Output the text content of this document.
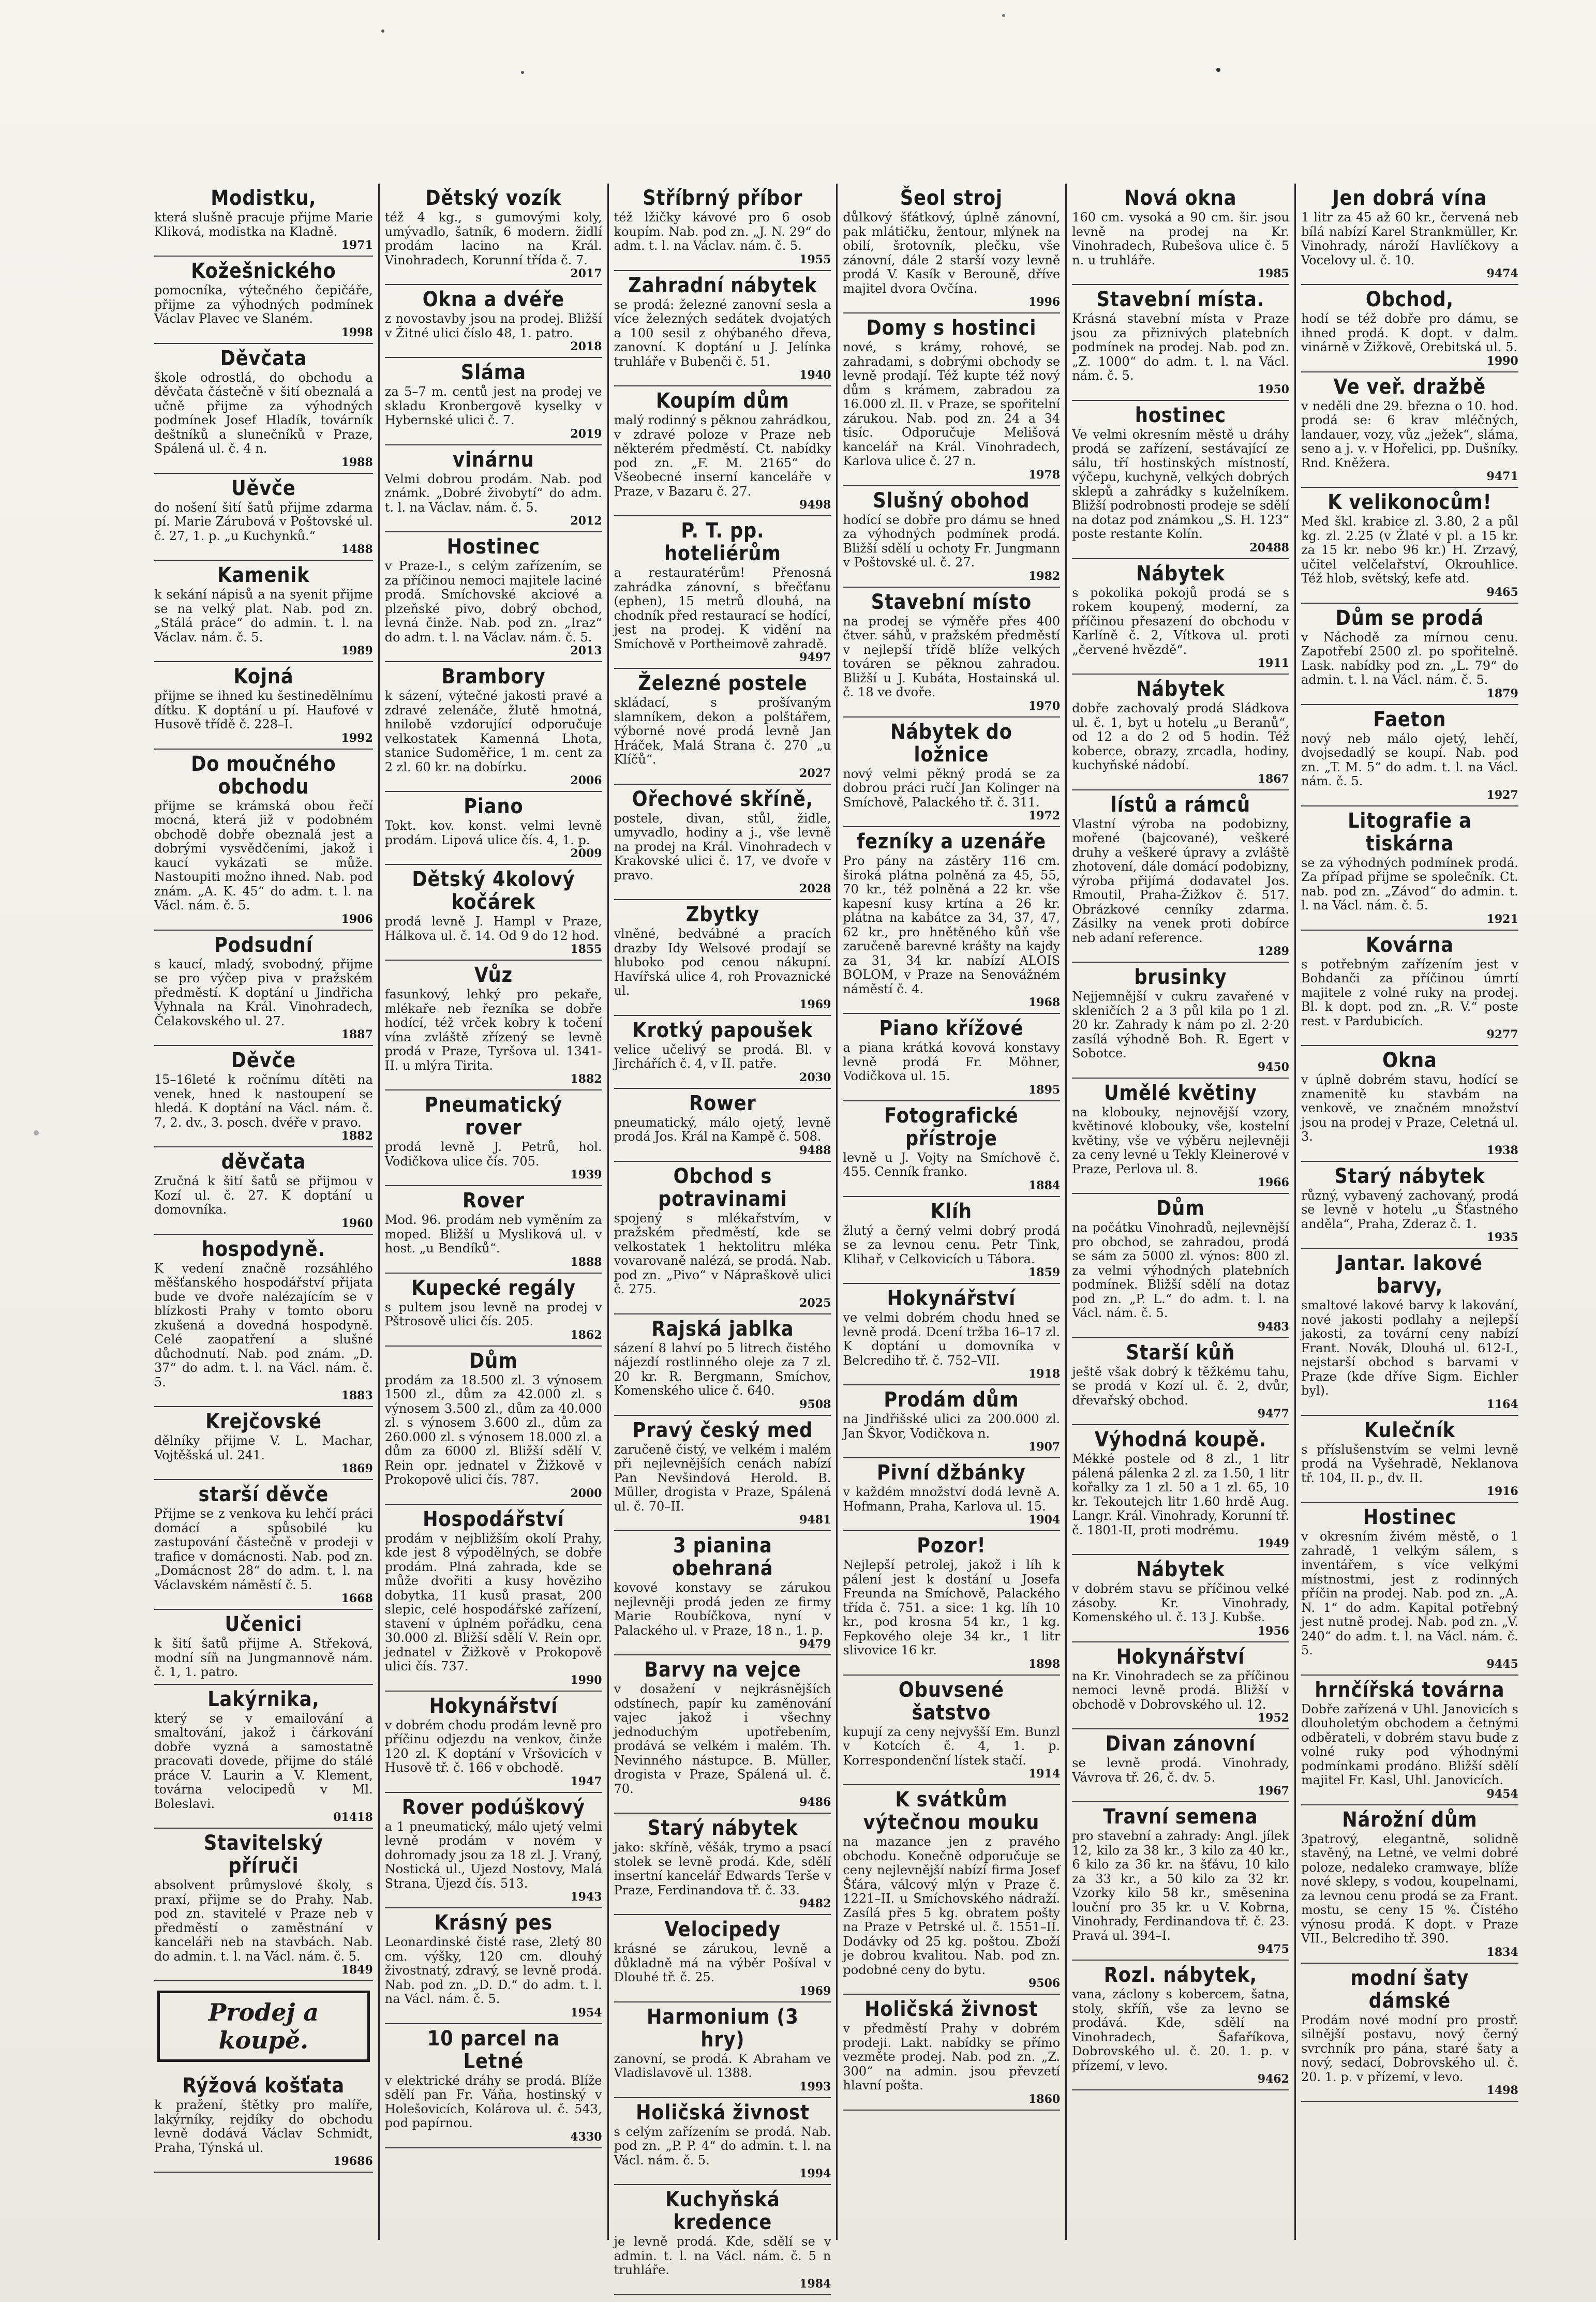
Modistku,

která slušně pracuje přijme Marie Kliková, modistka na Kladně.

1971
Kožešnického

pomocníka, výtečného čepičáře, přijme za výhodných podmínek Václav Plavec ve Slaném.

1998
Děvčata

škole odrostlá, do obchodu a děvčata částečně v šití obeznalá a učně přijme za výhodných podmínek Josef Hladík, továrník deštníků a slunečníků v Praze, Spálená ul. č. 4 n.

1988
Uěvče

do nošení šití šatů přijme zdarma pí. Marie Zárubová v Poštovské ul. č. 27, 1. p. „u Kuchynků.“

1488
Kamenik

k sekání nápisů a na syenit přijme se na velký plat. Nab. pod zn. „Stálá práce“ do admin. t. l. na Václav. nám. č. 5.

1989
Kojná

přijme se ihned ku šestinedělnímu dítku. K doptání u pí. Haufové v Husově třídě č. 228–I.

1992
Do moučného obchodu

přijme se krámská obou řečí mocná, která již v podobném obchodě dobře obeznalá jest a dobrými vysvědčeními, jakož i kaucí vykázati se může. Nastoupiti možno ihned. Nab. pod znám. „A. K. 45“ do adm. t. l. na Václ. nám. č. 5.

1906
Podsudní

s kaucí, mladý, svobodný, přijme se pro výčep piva v pražském předměstí. K doptání u Jindřicha Vyhnala na Král. Vinohradech, Čelakovského ul. 27.

1887
Děvče

15–16leté k ročnímu dítěti na venek, hned k nastoupení se hledá. K doptání na Václ. nám. č. 7, 2. dv., 3. posch. dvéře v pravo.

1882
děvčata

Zručná k šití šatů se přijmou v Kozí ul. č. 27. K doptání u domovníka.

1960
hospodyně.

K vedení značně rozsáhlého měšťanského hospodářství přijata bude ve dvoře nalézajícím se v blízkosti Prahy v tomto oboru zkušená a dovedná hospodyně. Celé zaopatření a slušné důchodnutí. Nab. pod znám. „D. 37“ do adm. t. l. na Václ. nám. č. 5.

1883
Krejčovské

dělníky přijme V. L. Machar, Vojtěšská ul. 241.

1869
starší děvče

Přijme se z venkova ku lehčí práci domácí a spůsobilé ku zastupování částečně v prodeji v trafice v domácnosti. Nab. pod zn. „Domácnost 28“ do adm. t. l. na Václavském náměstí č. 5.

1668
Učenici

k šití šatů přijme A. Střeková, modní síň na Jungmannově nám. č. 1, 1. patro.

Lakýrnika,

který se v emailování a smaltování, jakož i čárkování dobře vyzná a samostatně pracovati dovede, přijme do stálé práce V. Laurin a V. Klement, továrna velocipedů v Ml. Boleslavi.

01418
Stavitelský příruči

absolvent průmyslové školy, s praxí, přijme se do Prahy. Nab. pod zn. stavitelé v Praze neb v předměstí o zaměstnání v kanceláři neb na stavbách. Nab. do admin. t. l. na Václ. nám. č. 5.

1849
Prodej a koupě.
Rýžová košťata

k pražení, štětky pro malíře, lakýrníky, rejdíky do obchodu levně dodává Václav Schmidt, Praha, Týnská ul.

19686
Dětský vozík

též 4 kg., s gumovými koly, umývadlo, šatník, 6 modern. židlí prodám lacino na Král. Vinohradech, Korunní třída č. 7.

2017
Okna a dvéře

z novostavby jsou na prodej. Bližší v Žitné ulici číslo 48, 1. patro.

2018
Sláma

za 5–7 m. centů jest na prodej ve skladu Kronbergově kyselky v Hybernské ulici č. 7.

2019
vinárnu

Velmi dobrou prodám. Nab. pod známk. „Dobré živobytí“ do adm. t. l. na Václav. nám. č. 5.

2012
Hostinec

v Praze-I., s celým zařízením, se za příčinou nemoci majitele laciné prodá. Smíchovské akciové a plzeňské pivo, dobrý obchod, levná činže. Nab. pod zn. „Iraz“ do adm. t. l. na Václav. nám. č. 5.

2013
Brambory

k sázení, výtečné jakosti pravé a zdravé zelenáče, žlutě hmotná, hnilobě vzdorující odporučuje velkostatek Kamenná Lhota, stanice Sudoměřice, 1 m. cent za 2 zl. 60 kr. na dobírku.

2006
Piano

Tokt. kov. konst. velmi levně prodám. Lipová ulice čís. 4, 1. p.

2009
Dětský 4kolový kočárek

prodá levně J. Hampl v Praze, Hálkova ul. č. 14. Od 9 do 12 hod.

1855
Vůz

fasunkový, lehký pro pekaře, mlékaře neb řezníka se dobře hodící, též vrček kobry k točení vína zvláště zřízený se levně prodá v Praze, Tyršova ul. 1341-II. u mlýra Tirita.

1882
Pneumatický rover

prodá levně J. Petrů, hol. Vodičkova ulice čís. 705.

1939
Rover

Mod. 96. prodám neb vyměním za moped. Bližší u Mysliková ul. v host. „u Bendíků“.

1888
Kupecké regály

s pultem jsou levně na prodej v Pštrosově ulici čís. 205.

1862
Dům

prodám za 18.500 zl. 3 výnosem 1500 zl., dům za 42.000 zl. s výnosem 3.500 zl., dům za 40.000 zl. s výnosem 3.600 zl., dům za 260.000 zl. s výnosem 18.000 zl. a dům za 6000 zl. Bližší sdělí V. Rein opr. jednatel v Žižkově v Prokopově ulici čís. 787.

2000
Hospodářství

prodám v nejbližším okolí Prahy, kde jest 8 výpodělných, se dobře prodám. Plná zahrada, kde se může dvořiti a kusy hověziho dobytka, 11 kusů prasat, 200 slepic, celé hospodářské zařízení, stavení v úplném pořádku, cena 30.000 zl. Bližší sdělí V. Rein opr. jednatel v Žižkově v Prokopově ulici čís. 737.

1990
Hokynářství

v dobrém chodu prodám levně pro příčinu odjezdu na venkov, činže 120 zl. K doptání v Vršovicích v Husově tř. č. 166 v obchodě.

1947
Rover podúškový

a 1 pneumatický, málo ujetý velmi levně prodám v novém v dohromady jsou za 18 zl. J. Vraný, Nostická ul., Ujezd Nostovy, Malá Strana, Újezd čís. 513.

1943
Krásný pes

Leonardinské čisté rase, 2letý 80 cm. výšky, 120 cm. dlouhý živostnatý, zdravý, se levně prodá. Nab. pod zn. „D. D.“ do adm. t. l. na Václ. nám. č. 5.

1954
10 parcel na Letné

v elektrické dráhy se prodá. Blíže sdělí pan Fr. Váňa, hostinský v Holešovicích, Kolárova ul. č. 543, pod papírnou.

4330
Stříbrný příbor

též lžičky kávové pro 6 osob koupím. Nab. pod zn. „J. N. 29“ do adm. t. l. na Václav. nám. č. 5.

1955
Zahradní nábytek

se prodá: železné zanovní sesla a více železných sedátek dvojatých a 100 sesil z ohýbaného dřeva, zanovní. K doptání u J. Jelínka truhláře v Bubenči č. 51.

1940
Koupím dům

malý rodinný s pěknou zahrádkou, v zdravé poloze v Praze neb některém předměstí. Ct. nabídky pod zn. „F. M. 2165“ do Všeobecné inserní kanceláře v Praze, v Bazaru č. 27.

9498
P. T. pp. hoteliérům

a restauratérům! Přenosná zahrádka zánovní, s břečťanu (ephen), 15 metrů dlouhá, na chodník před restaurací se hodící, jest na prodej. K vidění na Smíchově v Portheimově zahradě.

9497
Železné postele

skládací, s prošívaným slamníkem, dekon a polštářem, výborné nové prodá levně Jan Hráček, Malá Strana č. 270 „u Klíčů“.

2027
Ořechové skříně,

postele, divan, stůl, židle, umyvadlo, hodiny a j., vše levně na prodej na Král. Vinohradech v Krakovské ulici č. 17, ve dvoře v pravo.

2028
Zbytky

vlněné, bedvábné a pracích drazby Idy Welsové prodají se hluboko pod cenou nákupní. Havířská ulice 4, roh Provaznické ul.

1969
Krotký papoušek

velice učelivý se prodá. Bl. v Jirchářích č. 4, v II. patře.

2030
Rower

pneumatický, málo ojetý, levně prodá Jos. Král na Kampě č. 508.

9488
Obchod s potravinami

spojený s mlékařstvím, v pražském předměstí, kde se velkostatek 1 hektolitru mléka vovarovaně nalézá, se prodá. Nab. pod zn. „Pivo“ v Nápraškově ulici č. 275.

2025
Rajská jablka

sázení 8 lahví po 5 litrech čistého nájezdí rostlinného oleje za 7 zl. 20 kr. R. Bergmann, Smíchov, Komenského ulice č. 640.

9508
Pravý český med

zaručeně čistý, ve velkém i malém při nejlevnějších cenách nabízí Pan Nevšindová Herold. B. Müller, drogista v Praze, Spálená ul. č. 70–II.

9481
3 pianina obehraná

kovové konstavy se zárukou nejlevněji prodá jeden ze firmy Marie Roubíčkova, nyní v Palackého ul. v Praze, 18 n., 1. p.

9479
Barvy na vejce

v dosažení v nejkrásnějších odstínech, papír ku zaměnování vajec jakož i všechny jednoduchým upotřebením, prodává se velkém i malém. Th. Nevinného nástupce. B. Müller, drogista v Praze, Spálená ul. č. 70.

9486
Starý nábytek

jako: skříně, věšák, trymo a psací stolek se levně prodá. Kde, sdělí insertní kancelář Edwards Terše v Praze, Ferdinandova tř. č. 33.

9482
Velocipedy

krásné se zárukou, levně a důkladně má na výběr Pošíval v Dlouhé tř. č. 25.

1969
Harmonium (3 hry)

zanovní, se prodá. K Abraham ve Vladislavově ul. 1388.

1993
Holičská živnost

s celým zařízením se prodá. Nab. pod zn. „P. P. 4“ do admin. t. l. na Václ. nám. č. 5.

1994
Kuchyňská kredence

je levně prodá. Kde, sdělí se v admin. t. l. na Václ. nám. č. 5 n truhláře.

1984
Šeol stroj

důlkový šťátkový, úplně zánovní, pak mlátičku, žentour, mlýnek na obilí, šrotovník, plečku, vše zánovní, dále 2 starší vozy levně prodá V. Kasík v Berouně, dříve majitel dvora Ovčína.

1996
Domy s hostinci

nové, s krámy, rohové, se zahradami, s dobrými obchody se levně prodají. Též kupte též nový dům s krámem, zabradou za 16.000 zl. II. v Praze, se spořitelní zárukou. Nab. pod zn. 24 a 34 tisíc. Odporučuje Melišová kancelář na Král. Vinohradech, Karlova ulice č. 27 n.

1978
Slušný obohod

hodící se dobře pro dámu se hned za výhodných podmínek prodá. Bližší sdělí u ochoty Fr. Jungmann v Poštovské ul. č. 27.

1982
Stavební místo

na prodej se výměře přes 400 čtver. sáhů, v pražském předměstí v nejlepší třídě blíže velkých továren se pěknou zahradou. Bližší u J. Kubáta, Hostainská ul. č. 18 ve dvoře.

1970
Nábytek do ložnice

nový velmi pěkný prodá se za dobrou práci ručí Jan Kolinger na Smíchově, Palackého tř. č. 311.

1972
fezníky a uzenáře

Pro pány na zástěry 116 cm. široká plátna polněná za 45, 55, 70 kr., též polněná a 22 kr. vše kapesní kusy krtína a 26 kr. plátna na kabátce za 34, 37, 47, 62 kr., pro hnětěného kůň vše zaručeně barevné krášty na kajdy za 31, 34 kr. nabízí ALOIS BOLOM, v Praze na Senovážném náměstí č. 4.

1968
Piano křížové

a piana krátká kovová konstavy levně prodá Fr. Möhner, Vodičkova ul. 15.

1895
Fotografické přístroje

levně u J. Vojty na Smíchově č. 455. Cenník franko.

1884
Klíh

žlutý a černý velmi dobrý prodá se za levnou cenu. Petr Tink, Klihař, v Celkovicích u Tábora.

1859
Hokynářství

ve velmi dobrém chodu hned se levně prodá. Dcení tržba 16–17 zl. K doptání u domovníka v Belcrediho tř. č. 752–VII.

1918
Prodám dům

na Jindřišské ulici za 200.000 zl. Jan Škvor, Vodičkova n.

1907
Pivní džbánky

v každém množství dodá levně A. Hofmann, Praha, Karlova ul. 15.

1904
Pozor!

Nejlepší petrolej, jakož i líh k pálení jest k dostání u Josefa Freunda na Smíchově, Palackého třída č. 751. a sice: 1 kg. líh 10 kr., pod krosna 54 kr., 1 kg. Fepkového oleje 34 kr., 1 litr slivovice 16 kr.

1898
Obuvsené šatstvo

kupují za ceny nejvyšší Em. Bunzl v Kotcích č. 4, 1. p. Korrespondenční lístek stačí.

1914
K svátkům výtečnou mouku

na mazance jen z pravého obchodu. Konečně odporučuje se ceny nejlevnější nabízí firma Josef Šťára, válcový mlýn v Praze č. 1221–II. u Smíchovského nádraží. Zasílá přes 5 kg. obratem pošty na Praze v Petrské ul. č. 1551–II. Dodávky od 25 kg. poštou. Zboží je dobrou kvalitou. Nab. pod zn. podobné ceny do bytu.

9506
Holičská živnost

v předměstí Prahy v dobrém prodeji. Lakt. nabídky se přímo vezměte prodej. Nab. pod zn. „Z. 300“ na admin. jsou převzetí hlavní pošta.

1860
Nová okna

160 cm. vysoká a 90 cm. šir. jsou levně na prodej na Kr. Vinohradech, Rubešova ulice č. 5 n. u truhláře.

1985
Stavební místa.

Krásná stavební místa v Praze jsou za přiznivých platebních podmínek na prodej. Nab. pod zn. „Z. 1000“ do adm. t. l. na Václ. nám. č. 5.

1950
hostinec

Ve velmi okresním městě u dráhy prodá se zařízení, sestávající ze sálu, tří hostinských místností, výčepu, kuchyně, velkých dobrých sklepů a zahrádky s kuželníkem. Bližší podrobnosti prodeje se sdělí na dotaz pod známkou „S. H. 123“ poste restante Kolín.

20488
Nábytek

s pokolika pokojů prodá se s rokem koupený, moderní, za příčinou přesazení do obchodu v Karlíně č. 2, Vítkova ul. proti „červené hvězdě“.

1911
Nábytek

dobře zachovalý prodá Sládkova ul. č. 1, byt u hotelu „u Beranů“, od 12 a do 2 od 5 hodin. Též koberce, obrazy, zrcadla, hodiny, kuchyňské nádobí.

1867
lístů a rámců

Vlastní výroba na podobizny, mořené (bajcované), veškeré druhy a veškeré úpravy a zvláště zhotovení, dále domácí podobizny, výroba přijímá dodavatel Jos. Rmoutil, Praha-Žižkov č. 517. Obrázkové cenníky zdarma. Zásilky na venek proti dobírce neb adaní reference.

1289
brusinky

Nejjemnější v cukru zavařené v skleničích 2 a 3 půl kila po 1 zl. 20 kr. Zahrady k nám po zl. 2·20 zasílá výhodně Boh. R. Egert v Sobotce.

9450
Umělé květiny

na klobouky, nejnovější vzory, květinové klobouky, vše, kostelní květiny, vše ve výběru nejlevněji za ceny levné u Tekly Kleinerové v Praze, Perlova ul. 8.

1966
Dům

na počátku Vinohradů, nejlevnější pro obchod, se zahradou, prodá se sám za 5000 zl. výnos: 800 zl. za velmi výhodných platebních podmínek. Bližší sdělí na dotaz pod zn. „P. L.“ do adm. t. l. na Václ. nám. č. 5.

9483
Starší kůň

ještě však dobrý k těžkému tahu, se prodá v Kozí ul. č. 2, dvůr, dřevařský obchod.

9477
Výhodná koupě.

Mékké postele od 8 zl., 1 litr pálená pálenka 2 zl. za 1.50, 1 litr kořalky za 1 zl. 50 a 1 zl. 65, 10 kr. Tekoutejch litr 1.60 hrdě Aug. Langr. Král. Vinohrady, Korunní tř. č. 1801-II, proti modrému.

1949
Nábytek

v dobrém stavu se příčinou velké zásoby. Kr. Vinohrady, Komenského ul. č. 13 J. Kubše.

1956
Hokynářství

na Kr. Vinohradech se za příčinou nemoci levně prodá. Bližší v obchodě v Dobrovského ul. 12.

1952
Divan zánovní

se levně prodá. Vinohrady, Vávrova tř. 26, č. dv. 5.

1967
Travní semena

pro stavební a zahrady: Angl. jílek 12, kilo za 38 kr., 3 kilo za 40 kr., 6 kilo za 36 kr. na šťávu, 10 kilo za 33 kr., a 50 kilo za 32 kr. Vzorky kilo 58 kr., směsenina louční pro 35 kr. u V. Kobrna, Vinohrady, Ferdinandova tř. č. 23. Pravá ul. 394–I.

9475
Rozl. nábytek,

vana, záclony s kobercem, šatna, stoly, skříň, vše za levno se prodává. Kde, sdělí na Vinohradech, Šafaříkova, Dobrovského ul. č. 20. 1. p. v přízemí, v levo.

9462
Jen dobrá vína

1 litr za 45 až 60 kr., červená neb bílá nabízí Karel Strankmüller, Kr. Vinohrady, nároží Havlíčkovy a Vocelovy ul. č. 10.

9474
Obchod,

hodí se též dobře pro dámu, se ihned prodá. K dopt. v dalm. vinárně v Žižkově, Orebitská ul. 5.

1990
Ve veř. dražbě

v neděli dne 29. března o 10. hod. prodá se: 6 krav mléčných, landauer, vozy, vůz „ježek“, sláma, seno a j. v. v Hořelici, pp. Dušníky. Rnd. Kněžera.

9471
K velikonocům!

Med škl. krabice zl. 3.80, 2 a půl kg. zl. 2.25 (v Žlaté v pl. a 15 kr. za 15 kr. nebo 96 kr.) H. Zrzavý, učitel velčelařství, Okrouhlice. Též hlob, světský, kefe atd.

9465
Dům se prodá

v Náchodě za mírnou cenu. Zapotřebí 2500 zl. po spořitelně. Lask. nabídky pod zn. „L. 79“ do admin. t. l. na Václ. nám. č. 5.

1879
Faeton

nový neb málo ojetý, lehčí, dvojsedadlý se koupí. Nab. pod zn. „T. M. 5“ do adm. t. l. na Václ. nám. č. 5.

1927
Litografie a tiskárna

se za výhodných podmínek prodá. Za případ přijme se společník. Ct. nab. pod zn. „Závod“ do admin. t. l. na Václ. nám. č. 5.

1921
Kovárna

s potřebným zařízením jest v Bohdanči za příčinou úmrtí majitele z volné ruky na prodej. Bl. k dopt. pod zn. „R. V.“ poste rest. v Pardubicích.

9277
Okna

v úplně dobrém stavu, hodící se znamenitě ku stavbám na venkově, ve značném množství jsou na prodej v Praze, Celetná ul. 3.

1938
Starý nábytek

různý, vybavený zachovaný, prodá se levně v hotelu „u Šťastného anděla“, Praha, Zderaz č. 1.

1935
Jantar. lakové barvy,

smaltové lakové barvy k lakování, nové jakosti podlahy a nejlepší jakosti, za tovární ceny nabízí Frant. Novák, Dlouhá ul. 612-I., nejstarší obchod s barvami v Praze (kde dříve Sigm. Eichler byl).

1164
Kulečník

s příslušenstvím se velmi levně prodá na Vyšehradě, Neklanova tř. 104, II. p., dv. II.

1916
Hostinec

v okresním živém městě, o 1 zahradě, 1 velkým sálem, s inventářem, s více velkými místnostmi, jest z rodinných příčin na prodej. Nab. pod zn. „A. N. 1“ do adm. Kapital potřebný jest nutně prodej. Nab. pod zn. „V. 240“ do adm. t. l. na Václ. nám. č. 5.

9445
hrnčířská továrna

Dobře zařízená v Uhl. Janovicích s dlouholetým obchodem a četnými odběrateli, v dobrém stavu bude z volné ruky pod výhodnými podmínkami prodáno. Bližší sdělí majitel Fr. Kasl, Uhl. Janovicích.

9454
Nárožní dům

3patrový, elegantně, solidně stavěný, na Letné, ve velmi dobré poloze, nedaleko cramwaye, blíže nové sklepy, s vodou, koupelnami, za levnou cenu prodá se za Frant. mostu, se ceny 15 %. Čistého výnosu prodá. K dopt. v Praze VII., Belcrediho tř. 390.

1834
modní šaty dámské

Prodám nové modní pro prostř. silnější postavu, nový černý svrchník pro pána, staré šaty a nový, sedací, Dobrovského ul. č. 20. 1. p. v přízemí, v levo.

1498
